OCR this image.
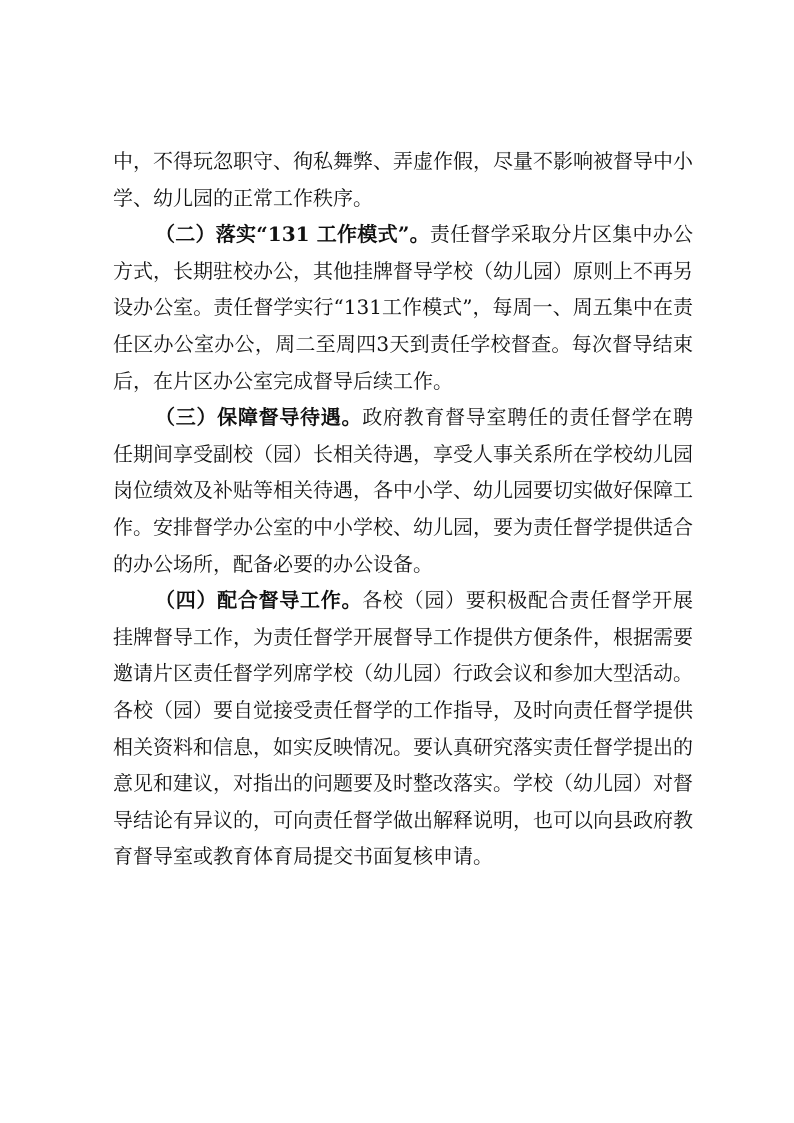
中，不得玩忽职守、徇私舞弊、弄虚作假，尽量不影响被督导中小学、幼儿园的正常工作秩序。

（二）落实“131 工作模式”。责任督学采取分片区集中办公方式，长期驻校办公，其他挂牌督导学校（幼儿园）原则上不再另设办公室。责任督学实行“131工作模式”，每周一、周五集中在责任区办公室办公，周二至周四3天到责任学校督查。每次督导结束后，在片区办公室完成督导后续工作。

（三）保障督导待遇。政府教育督导室聘任的责任督学在聘任期间享受副校（园）长相关待遇，享受人事关系所在学校幼儿园岗位绩效及补贴等相关待遇，各中小学、幼儿园要切实做好保障工作。安排督学办公室的中小学校、幼儿园，要为责任督学提供适合的办公场所，配备必要的办公设备。

（四）配合督导工作。各校（园）要积极配合责任督学开展挂牌督导工作，为责任督学开展督导工作提供方便条件，根据需要邀请片区责任督学列席学校（幼儿园）行政会议和参加大型活动。各校（园）要自觉接受责任督学的工作指导，及时向责任督学提供相关资料和信息，如实反映情况。要认真研究落实责任督学提出的意见和建议，对指出的问题要及时整改落实。学校（幼儿园）对督导结论有异议的，可向责任督学做出解释说明，也可以向县政府教育督导室或教育体育局提交书面复核申请。
